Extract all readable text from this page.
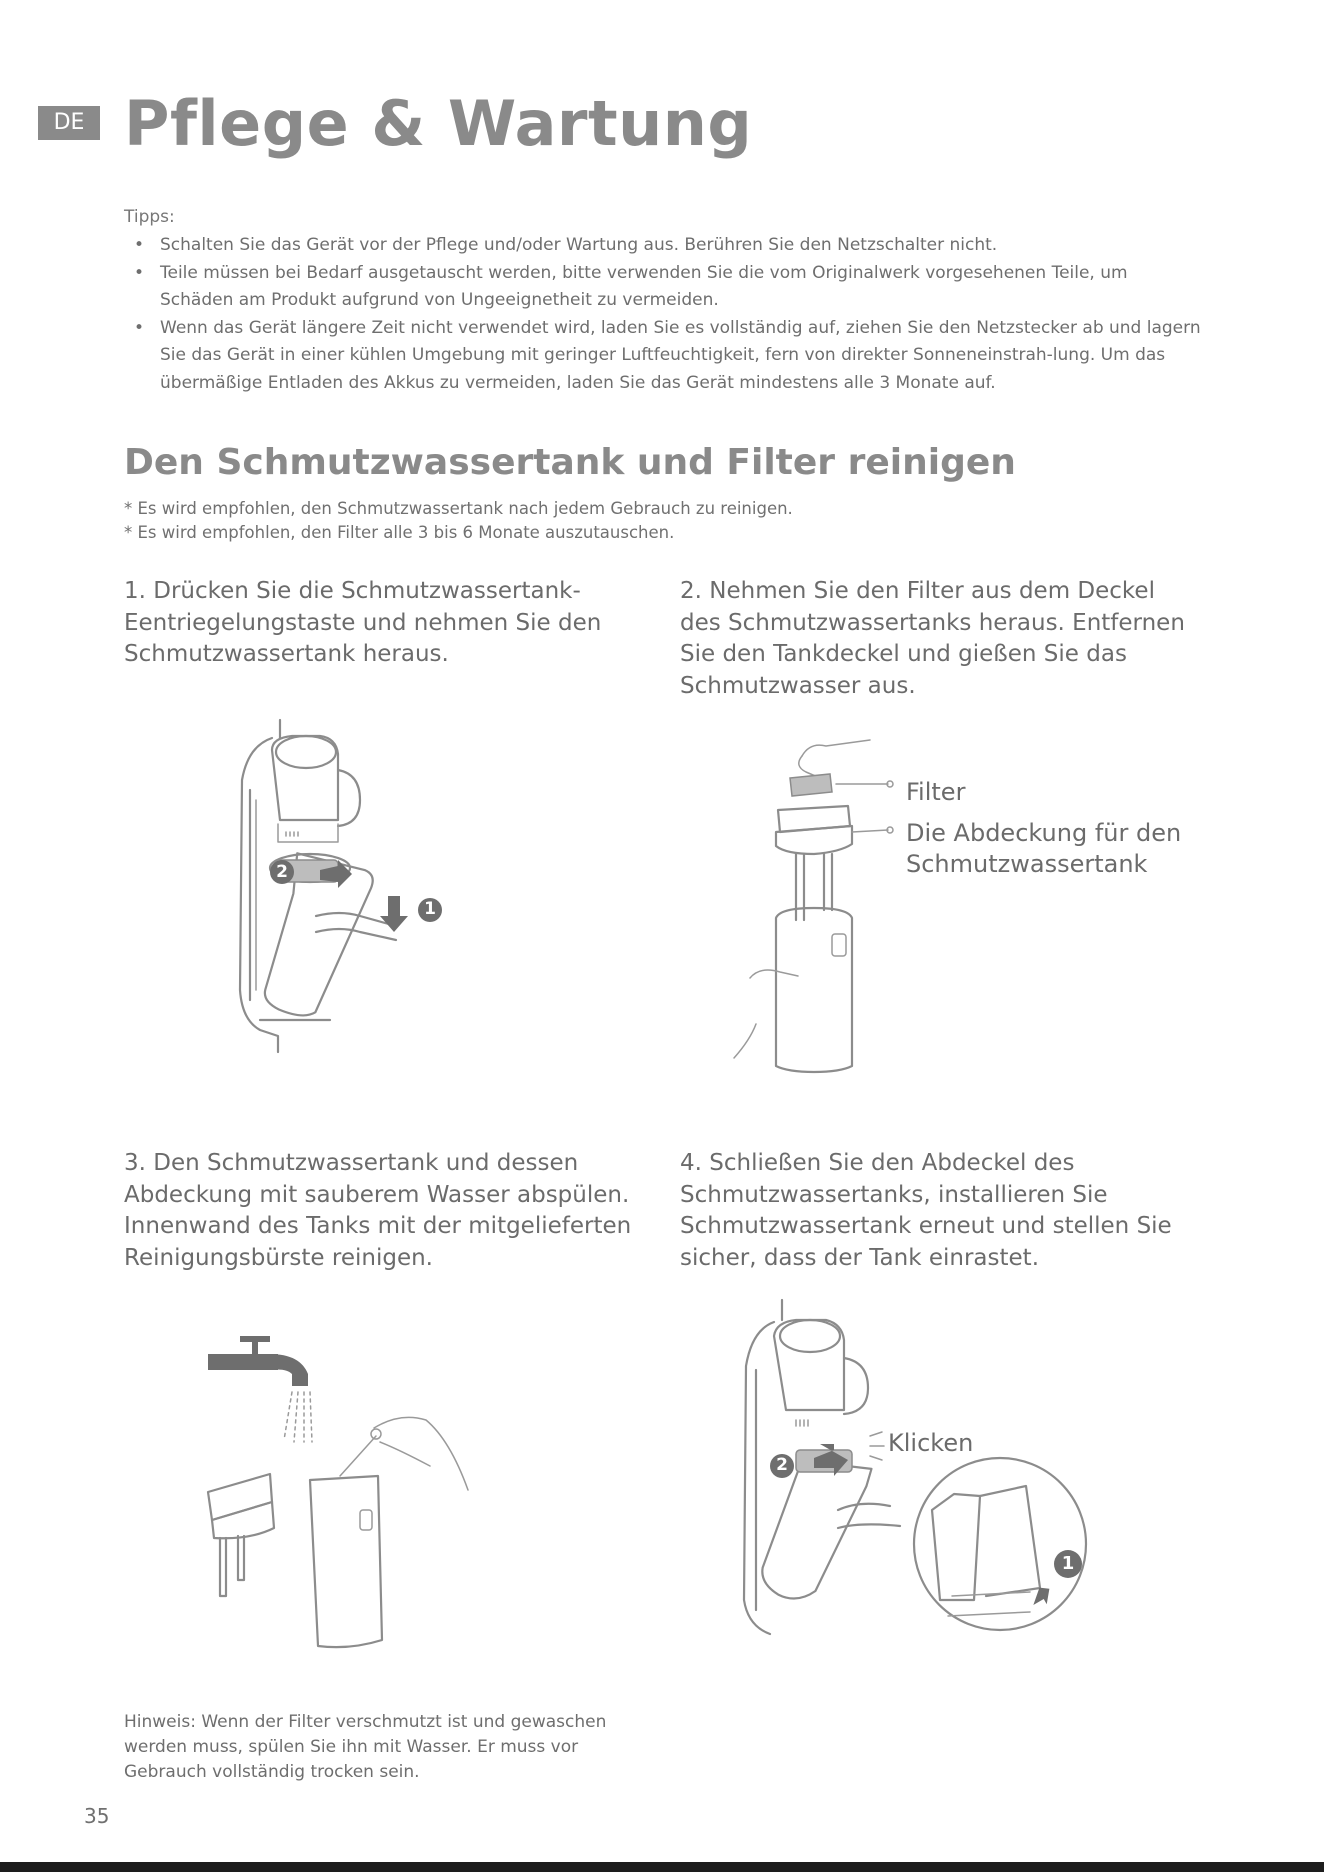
DE Pflege & Wartung
Tipps:
• Schalten Sie das Gerät vor der Pflege und/oder Wartung aus. Berühren Sie den Netzschalter nicht.
• Teile müssen bei Bedarf ausgetauscht werden, bitte verwenden Sie die vom Originalwerk vorgesehenen Teile, um Schäden am Produkt aufgrund von Ungeeignetheit zu vermeiden.
• Wenn das Gerät längere Zeit nicht verwendet wird, laden Sie es vollständig auf, ziehen Sie den Netzstecker ab und lagern Sie das Gerät in einer kühlen Umgebung mit geringer Luftfeuchtigkeit, fern von direkter Sonneneinstrah-lung. Um das übermäßige Entladen des Akkus zu vermeiden, laden Sie das Gerät mindestens alle 3 Monate auf.
Den Schmutzwassertank und Filter reinigen
* Es wird empfohlen, den Schmutzwassertank nach jedem Gebrauch zu reinigen.
* Es wird empfohlen, den Filter alle 3 bis 6 Monate auszutauschen.
1. Drücken Sie die Schmutzwassertank-Eentriegelungstaste und nehmen Sie den Schmutzwassertank heraus.
2. Nehmen Sie den Filter aus dem Deckel des Schmutzwassertanks heraus. Entfernen Sie den Tankdeckel und gießen Sie das Schmutzwasser aus.
3. Den Schmutzwassertank und dessen Abdeckung mit sauberem Wasser abspülen. Innenwand des Tanks mit der mitgelieferten Reinigungsbürste reinigen.
4. Schließen Sie den Abdeckel des Schmutzwassertanks, installieren Sie Schmutzwassertank erneut und stellen Sie sicher, dass der Tank einrastet.
2
1
Filter
Die Abdeckung für den Schmutzwassertank
Klicken
2
1
Hinweis: Wenn der Filter verschmutzt ist und gewaschen werden muss, spülen Sie ihn mit Wasser. Er muss vor Gebrauch vollständig trocken sein.
35
